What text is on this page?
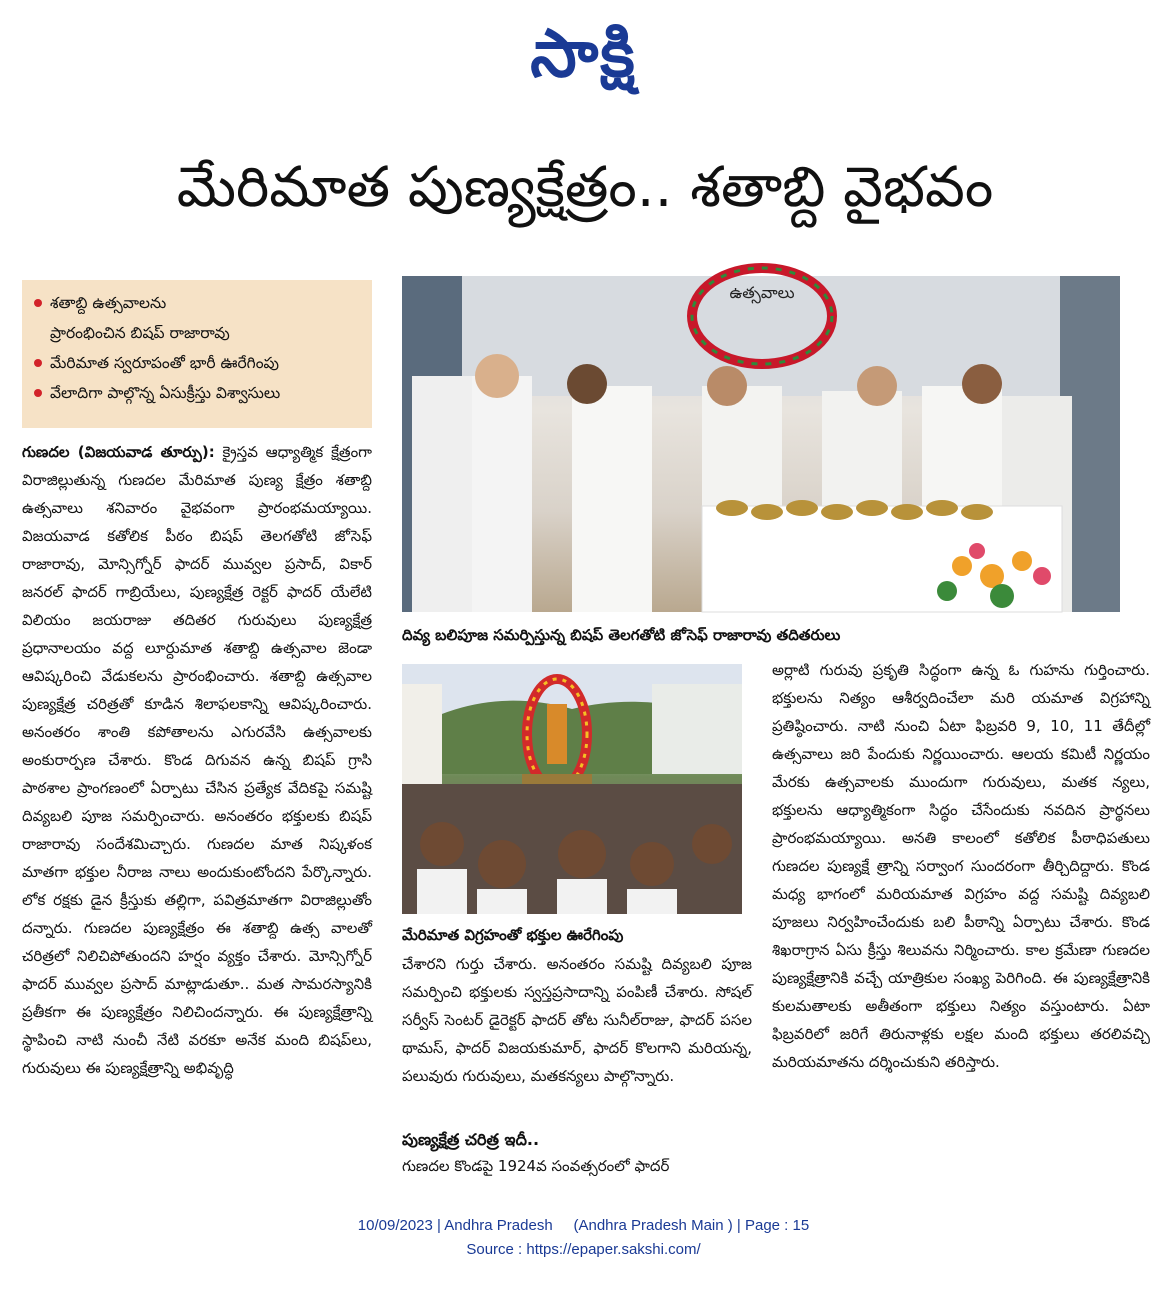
సాక్షి
మేరిమాత పుణ్యక్షేత్రం.. శతాబ్ది వైభవం
శతాబ్ది ఉత్సవాలను
ప్రారంభించిన బిషప్ రాజారావు
మేరిమాత స్వరూపంతో భారీ ఊరేగింపు
వేలాదిగా పాల్గొన్న ఏసుక్రీస్తు విశ్వాసులు
గుణదల (విజయవాడ తూర్పు): క్రైస్తవ ఆధ్యాత్మిక క్షేత్రంగా విరాజిల్లుతున్న గుణదల మేరిమాత పుణ్య క్షేత్రం శతాబ్ది ఉత్సవాలు శనివారం వైభవంగా ప్రారంభమయ్యాయి. విజయవాడ కతోలిక పీఠం బిషప్ తెలగతోటి జోసెఫ్ రాజారావు, మోన్సిగ్నోర్ ఫాదర్ మువ్వల ప్రసాద్, వికార్ జనరల్ ఫాదర్ గాబ్రియేలు, పుణ్యక్షేత్ర రెక్టర్ ఫాదర్ యేలేటి విలియం జయరాజు తదితర గురువులు పుణ్యక్షేత్ర ప్రధానాలయం వద్ద లూర్దుమాత శతాబ్ది ఉత్సవాల జెండా ఆవిష్కరించి వేడుకలను ప్రారంభించారు. శతాబ్ది ఉత్సవాల పుణ్యక్షేత్ర చరిత్రతో కూడిన శిలాఫలకాన్ని ఆవిష్కరించారు. అనంతరం శాంతి కపోతాలను ఎగురవేసి ఉత్సవాలకు అంకురార్పణ చేశారు. కొండ దిగువన ఉన్న బిషప్ గ్రాసి పాఠశాల ప్రాంగణంలో ఏర్పాటు చేసిన ప్రత్యేక వేదికపై సమష్టి దివ్యబలి పూజ సమర్పించారు. అనంతరం భక్తులకు బిషప్ రాజారావు సందేశమిచ్చారు. గుణదల మాత నిష్కళంక మాతగా భక్తుల నీరాజ నాలు అందుకుంటోందని పేర్కొన్నారు. లోక రక్షకు డైన క్రీస్తుకు తల్లిగా, పవిత్రమాతగా విరాజిల్లుతోం దన్నారు. గుణదల పుణ్యక్షేత్రం ఈ శతాబ్ది ఉత్స వాలతో చరిత్రలో నిలిచిపోతుందని హర్షం వ్యక్తం చేశారు. మోన్సిగ్నోర్ ఫాదర్ మువ్వల ప్రసాద్ మాట్లాడుతూ.. మత సామరస్యానికి ప్రతీకగా ఈ పుణ్యక్షేత్రం నిలిచిందన్నారు. ఈ పుణ్యక్షేత్రాన్ని స్థాపించి నాటి నుంచీ నేటి వరకూ అనేక మంది బిషప్‌లు, గురువులు ఈ పుణ్యక్షేత్రాన్ని అభివృద్ధి
ఉత్సవాలు
దివ్య బలిపూజ సమర్పిస్తున్న బిషప్ తెలగతోటి జోసెఫ్ రాజారావు తదితరులు
మేరిమాత విగ్రహంతో భక్తుల ఊరేగింపు
చేశారని గుర్తు చేశారు. అనంతరం సమష్టి దివ్యబలి పూజ సమర్పించి భక్తులకు స్వస్తప్రసాదాన్ని పంపిణీ చేశారు. సోషల్ సర్వీస్ సెంటర్ డైరెక్టర్ ఫాదర్ తోట సునీల్‌రాజు, ఫాదర్ పసల థామస్, ఫాదర్ విజయకుమార్, ఫాదర్ కొలగాని మరియన్న, పలువురు గురువులు, మతకన్యలు పాల్గొన్నారు.
పుణ్యక్షేత్ర చరిత్ర ఇదీ..
గుణదల కొండపై 1924వ సంవత్సరంలో ఫాదర్
అర్లాటి గురువు ప్రకృతి సిద్ధంగా ఉన్న ఓ గుహను గుర్తించారు. భక్తులను నిత్యం ఆశీర్వదించేలా మరి యమాత విగ్రహాన్ని ప్రతిష్ఠించారు. నాటి నుంచి ఏటా ఫిబ్రవరి 9, 10, 11 తేదీల్లో ఉత్సవాలు జరి పేందుకు నిర్ణయించారు. ఆలయ కమిటీ నిర్ణయం మేరకు ఉత్సవాలకు ముందుగా గురువులు, మతక న్యలు, భక్తులను ఆధ్యాత్మికంగా సిద్ధం చేసేందుకు నవదిన ప్రార్థనలు ప్రారంభమయ్యాయి. అనతి కాలంలో కతోలిక పీఠాధిపతులు గుణదల పుణ్యక్షే త్రాన్ని సర్వాంగ సుందరంగా తీర్చిదిద్దారు. కొండ మధ్య భాగంలో మరియమాత విగ్రహం వద్ద సమష్టి దివ్యబలి పూజలు నిర్వహించేందుకు బలి పీఠాన్ని ఏర్పాటు చేశారు. కొండ శిఖరాగ్రాన ఏసు క్రీస్తు శిలువను నిర్మించారు. కాల క్రమేణా గుణదల పుణ్యక్షేత్రానికి వచ్చే యాత్రికుల సంఖ్య పెరిగింది. ఈ పుణ్యక్షేత్రానికి కులమతాలకు అతీతంగా భక్తులు నిత్యం వస్తుంటారు. ఏటా ఫిబ్రవరిలో జరిగే తిరునాళ్లకు లక్షల మంది భక్తులు తరలివచ్చి మరియమాతను దర్శించుకుని తరిస్తారు.
10/09/2023 | Andhra Pradesh     (Andhra Pradesh Main ) | Page : 15
Source : https://epaper.sakshi.com/
